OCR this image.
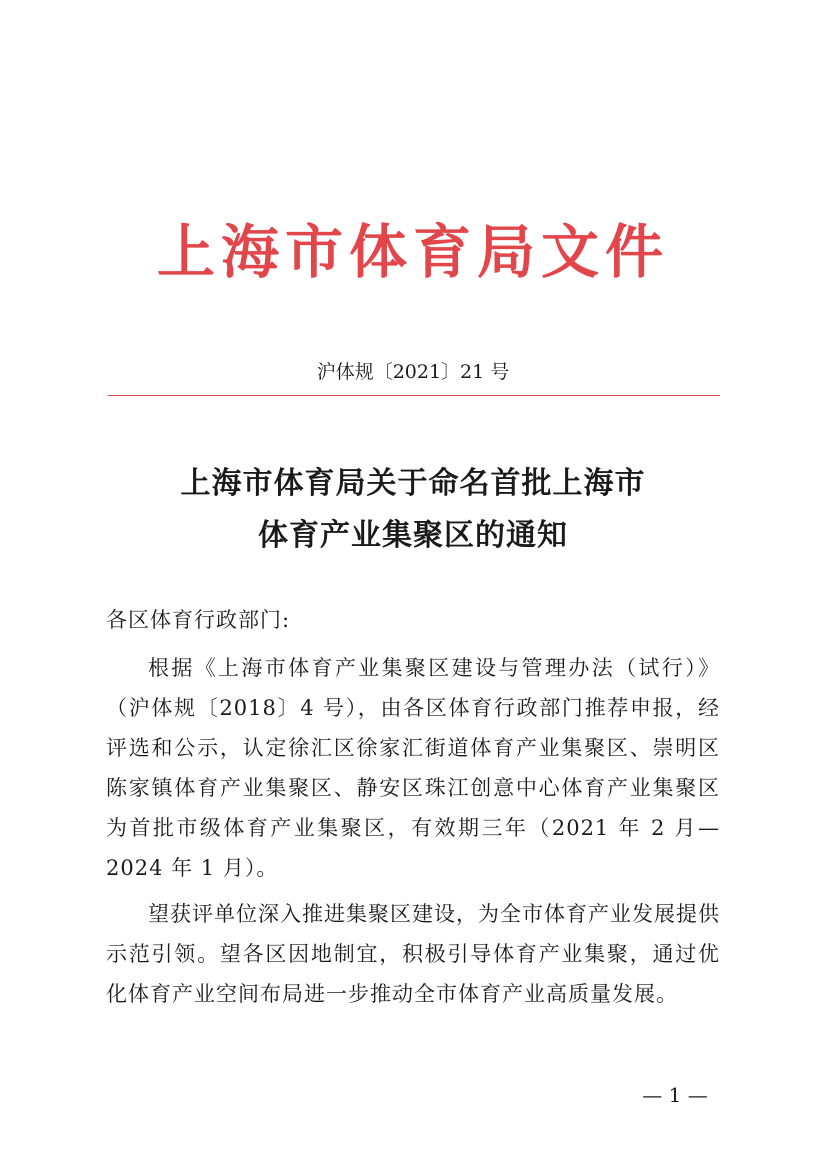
上海市体育局文件
沪体规〔2021〕21 号
上海市体育局关于命名首批上海市
体育产业集聚区的通知

各区体育行政部门:

根据《上海市体育产业集聚区建设与管理办法（试行）》（沪体规〔2018〕4 号），由各区体育行政部门推荐申报，经评选和公示，认定徐汇区徐家汇街道体育产业集聚区、崇明区陈家镇体育产业集聚区、静安区珠江创意中心体育产业集聚区为首批市级体育产业集聚区，有效期三年（2021 年 2 月—2024 年 1 月）。

望获评单位深入推进集聚区建设，为全市体育产业发展提供示范引领。望各区因地制宜，积极引导体育产业集聚，通过优化体育产业空间布局进一步推动全市体育产业高质量发展。

— 1 —
